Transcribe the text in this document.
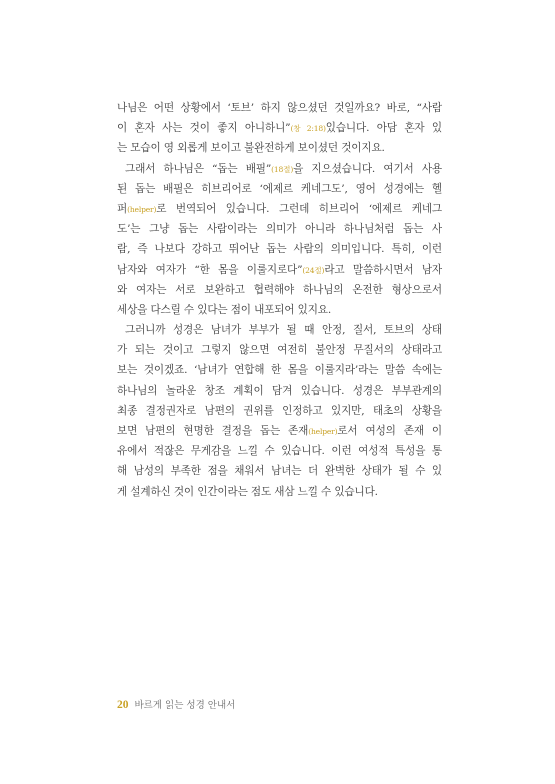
나님은 어떤 상황에서 ‘토브’ 하지 않으셨던 것일까요? 바로, “사람
이 혼자 사는 것이 좋지 아니하니”(창 2:18)있습니다. 아담 혼자 있
는 모습이 영 외롭게 보이고 불완전하게 보이셨던 것이지요.
그래서 하나님은 “돕는 배필”(18절)을 지으셨습니다. 여기서 사용
된 돕는 배필은 히브리어로 ‘에제르 케네그도’, 영어 성경에는 헬
퍼(helper)로 번역되어 있습니다. 그런데 히브리어 ‘에제르 케네그
도’는 그냥 돕는 사람이라는 의미가 아니라 하나님처럼 돕는 사
람, 즉 나보다 강하고 뛰어난 돕는 사람의 의미입니다. 특히, 이런
남자와 여자가 “한 몸을 이룰지로다”(24절)라고 말씀하시면서 남자
와 여자는 서로 보완하고 협력해야 하나님의 온전한 형상으로서
세상을 다스릴 수 있다는 점이 내포되어 있지요.
그러니까 성경은 남녀가 부부가 될 때 안정, 질서, 토브의 상태
가 되는 것이고 그렇지 않으면 여전히 불안정 무질서의 상태라고
보는 것이겠죠. ‘남녀가 연합해 한 몸을 이룰지라’라는 말씀 속에는
하나님의 놀라운 창조 계획이 담겨 있습니다. 성경은 부부관계의
최종 결정권자로 남편의 권위를 인정하고 있지만, 태초의 상황을
보면 남편의 현명한 결정을 돕는 존재(helper)로서 여성의 존재 이
유에서 적잖은 무게감을 느낄 수 있습니다. 이런 여성적 특성을 통
해 남성의 부족한 점을 채워서 남녀는 더 완벽한 상태가 될 수 있
게 설계하신 것이 인간이라는 점도 새삼 느낄 수 있습니다.
20 바르게 읽는 성경 안내서
